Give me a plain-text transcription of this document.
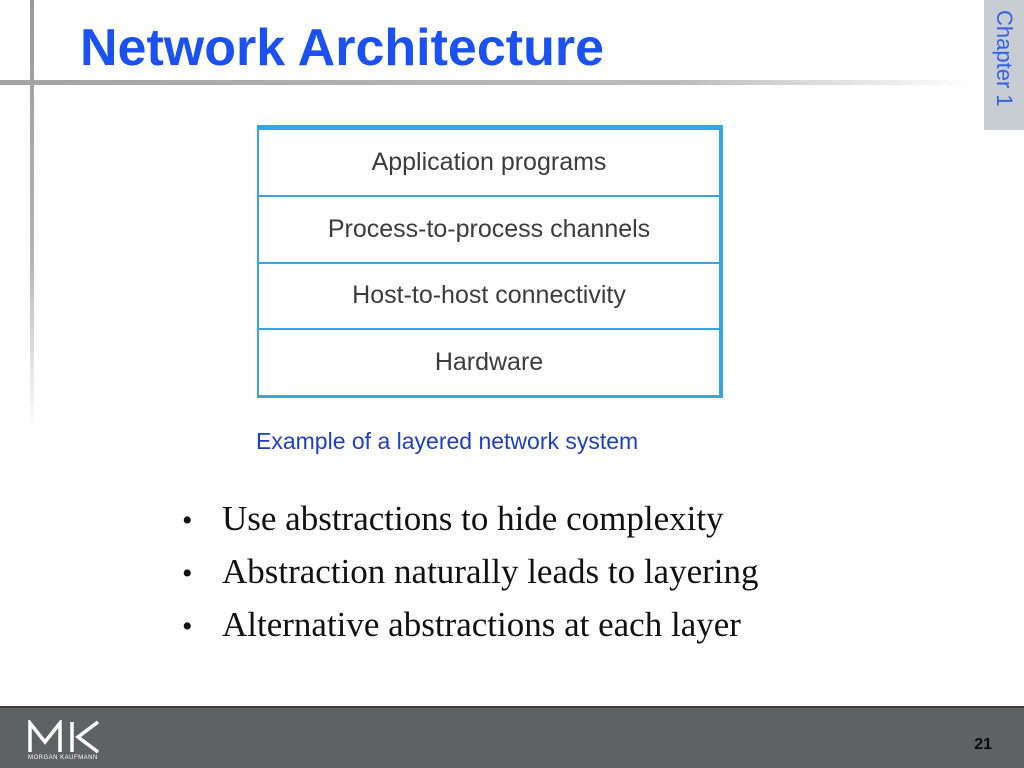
Network Architecture	Chapter 1
Application programs
Process-to-process channels
Host-to-host connectivity
Hardware
Example of a layered network system
• Use abstractions to hide complexity
• Abstraction naturally leads to layering
• Alternative abstractions at each layer
MORGAN KAUFMANN
21
